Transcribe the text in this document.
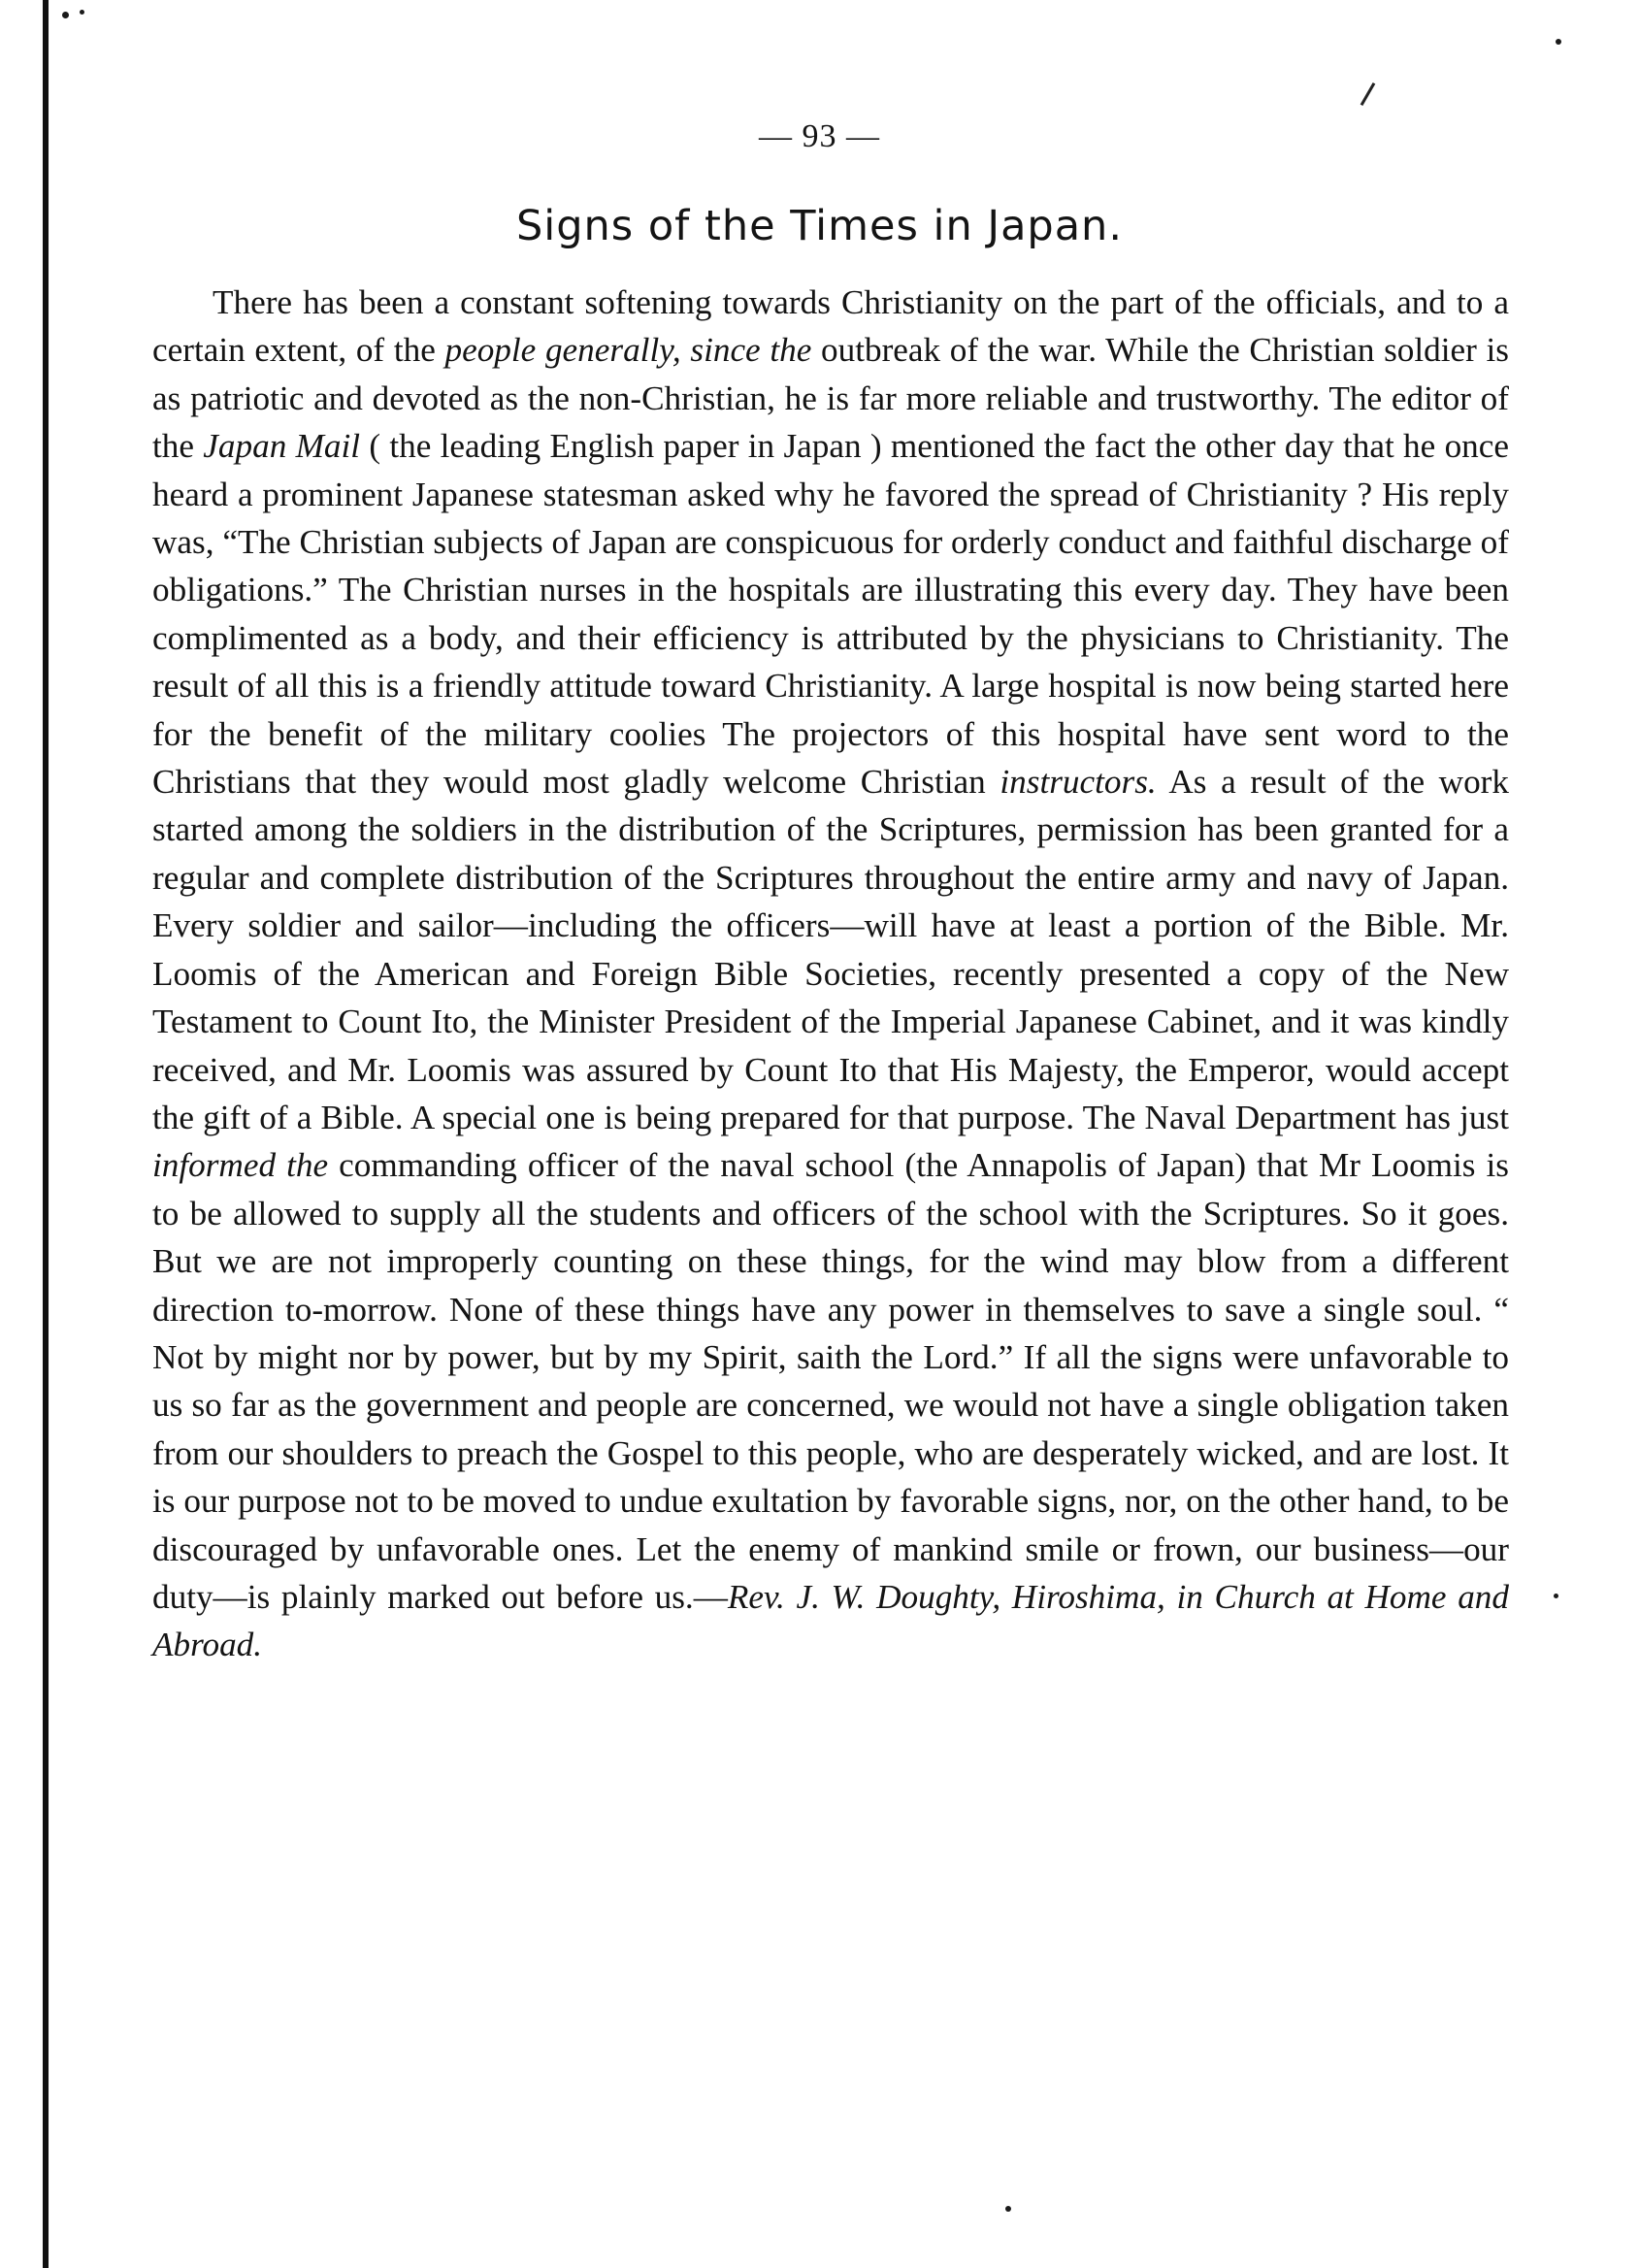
— 93 —
Signs of the Times in Japan.

There has been a constant softening towards Christianity on the part of the officials, and to a certain extent, of the people generally, since the outbreak of the war. While the Christian soldier is as patriotic and devoted as the non-Christian, he is far more reliable and trustworthy. The editor of the Japan Mail ( the leading English paper in Japan ) mentioned the fact the other day that he once heard a prominent Japanese statesman asked why he favored the spread of Christianity ? His reply was, “The Christian subjects of Japan are conspicuous for orderly conduct and faithful discharge of obligations.” The Christian nurses in the hospitals are illustrating this every day. They have been complimented as a body, and their efficiency is attributed by the physicians to Christianity. The result of all this is a friendly attitude toward Christianity. A large hospital is now being started here for the benefit of the military coolies The projectors of this hospital have sent word to the Christians that they would most gladly welcome Christian instructors. As a result of the work started among the soldiers in the distribution of the Scriptures, permission has been granted for a regular and complete distribution of the Scriptures throughout the entire army and navy of Japan. Every soldier and sailor—including the officers—will have at least a portion of the Bible. Mr. Loomis of the American and Foreign Bible Societies, recently presented a copy of the New Testament to Count Ito, the Minister President of the Imperial Japanese Cabinet, and it was kindly received, and Mr. Loomis was assured by Count Ito that His Majesty, the Emperor, would accept the gift of a Bible. A special one is being prepared for that purpose. The Naval Department has just informed the commanding officer of the naval school (the Annapolis of Japan) that Mr Loomis is to be allowed to supply all the students and officers of the school with the Scriptures. So it goes. But we are not improperly counting on these things, for the wind may blow from a different direction to-morrow. None of these things have any power in themselves to save a single soul. “ Not by might nor by power, but by my Spirit, saith the Lord.” If all the signs were unfavorable to us so far as the government and people are concerned, we would not have a single obligation taken from our shoulders to preach the Gospel to this people, who are desperately wicked, and are lost. It is our purpose not to be moved to undue exultation by favorable signs, nor, on the other hand, to be discouraged by unfavorable ones. Let the enemy of mankind smile or frown, our business—our duty—is plainly marked out before us.—Rev. J. W. Doughty, Hiroshima, in Church at Home and Abroad.
